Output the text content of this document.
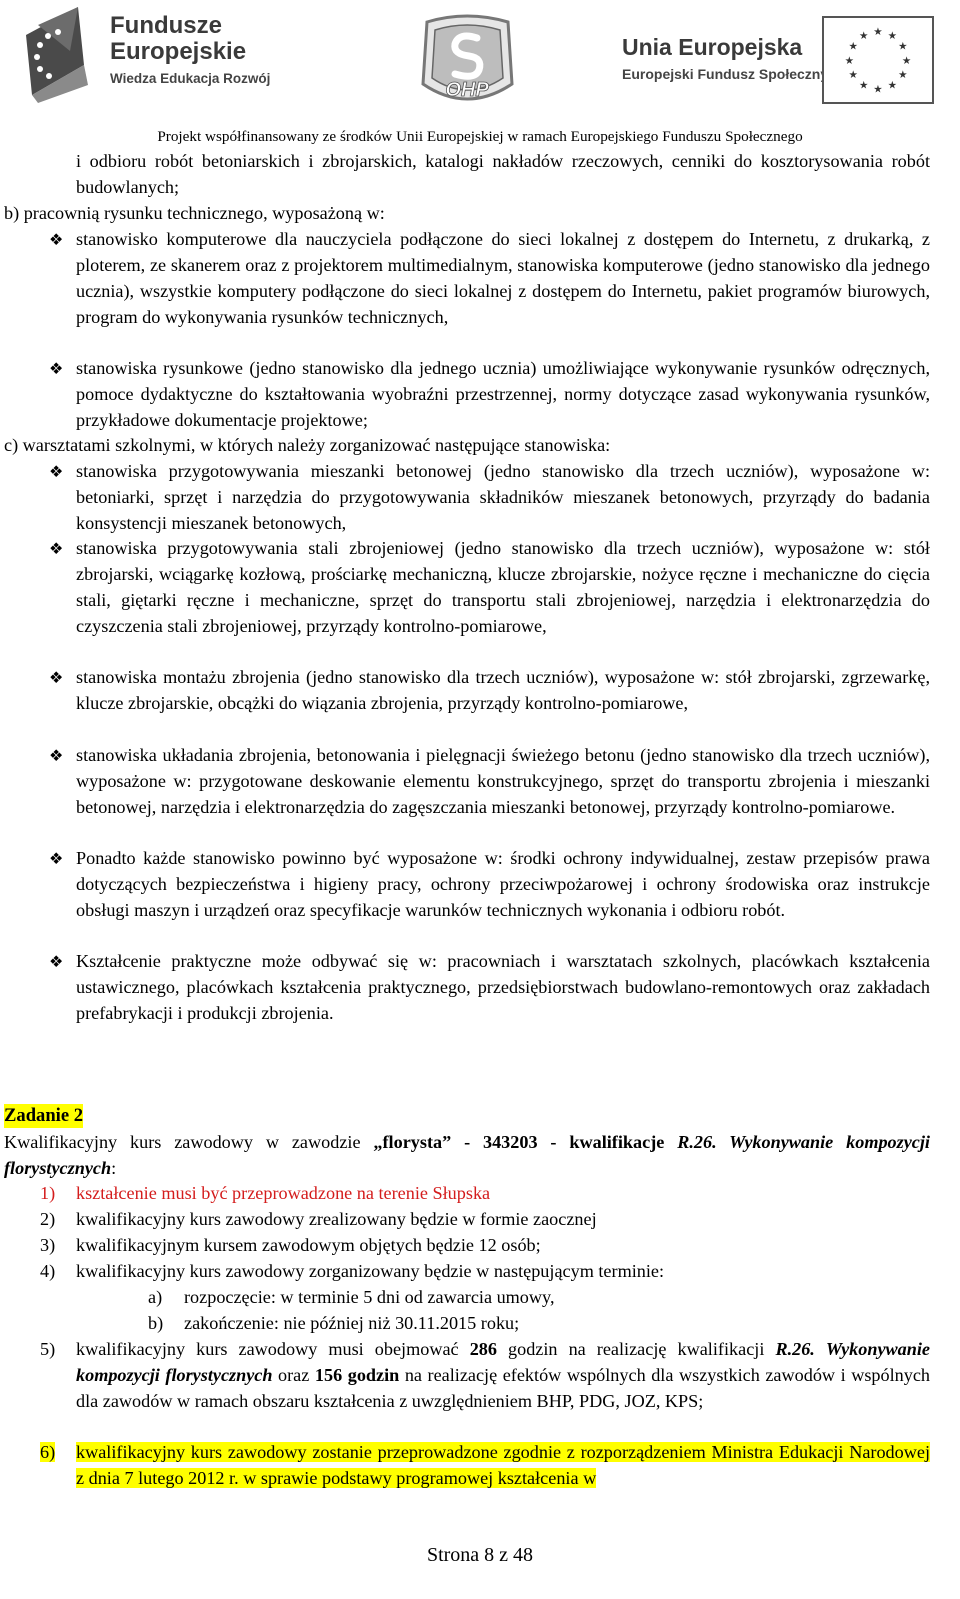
Fundusze
Europejskie
Wiedza Edukacja Rozwój
OHP
Unia Europejska
Europejski Fundusz Społeczny
★ ★
★
★
★
★
★
★
★
★
★
★
Projekt współfinansowany ze środków Unii Europejskiej w ramach Europejskiego Funduszu Społecznego
i odbioru robót betoniarskich i zbrojarskich, katalogi nakładów rzeczowych, cenniki do kosztorysowania robót budowlanych;
b) pracownią rysunku technicznego, wyposażoną w:
❖ stanowisko komputerowe dla nauczyciela podłączone do sieci lokalnej z dostępem do Internetu, z drukarką, z ploterem, ze skanerem oraz z projektorem multimedialnym, stanowiska komputerowe (jedno stanowisko dla jednego ucznia), wszystkie komputery podłączone do sieci lokalnej z dostępem do Internetu, pakiet programów biurowych, program do wykonywania rysunków technicznych,
❖ stanowiska rysunkowe (jedno stanowisko dla jednego ucznia) umożliwiające wykonywanie rysunków odręcznych, pomoce dydaktyczne do kształtowania wyobraźni przestrzennej, normy dotyczące zasad wykonywania rysunków, przykładowe dokumentacje projektowe;
c) warsztatami szkolnymi, w których należy zorganizować następujące stanowiska:
❖ stanowiska przygotowywania mieszanki betonowej (jedno stanowisko dla trzech uczniów), wyposażone w: betoniarki, sprzęt i narzędzia do przygotowywania składników mieszanek betonowych, przyrządy do badania konsystencji mieszanek betonowych,
❖ stanowiska przygotowywania stali zbrojeniowej (jedno stanowisko dla trzech uczniów), wyposażone w: stół zbrojarski, wciągarkę kozłową, prościarkę mechaniczną, klucze zbrojarskie, nożyce ręczne i mechaniczne do cięcia stali, giętarki ręczne i mechaniczne, sprzęt do transportu stali zbrojeniowej, narzędzia i elektronarzędzia do czyszczenia stali zbrojeniowej, przyrządy kontrolno-pomiarowe,
❖ stanowiska montażu zbrojenia (jedno stanowisko dla trzech uczniów), wyposażone w: stół zbrojarski, zgrzewarkę, klucze zbrojarskie, obcążki do wiązania zbrojenia, przyrządy kontrolno-pomiarowe,
❖ stanowiska układania zbrojenia, betonowania i pielęgnacji świeżego betonu (jedno stanowisko dla trzech uczniów), wyposażone w: przygotowane deskowanie elementu konstrukcyjnego, sprzęt do transportu zbrojenia i mieszanki betonowej, narzędzia i elektronarzędzia do zagęszczania mieszanki betonowej, przyrządy kontrolno-pomiarowe.
❖ Ponadto każde stanowisko powinno być wyposażone w: środki ochrony indywidualnej, zestaw przepisów prawa dotyczących bezpieczeństwa i higieny pracy, ochrony przeciwpożarowej i ochrony środowiska oraz instrukcje obsługi maszyn i urządzeń oraz specyfikacje warunków technicznych wykonania i odbioru robót.
❖ Kształcenie praktyczne może odbywać się w: pracowniach i warsztatach szkolnych, placówkach kształcenia ustawicznego, placówkach kształcenia praktycznego, przedsiębiorstwach budowlano-remontowych oraz zakładach prefabrykacji i produkcji zbrojenia.
Zadanie 2
Kwalifikacyjny kurs zawodowy w zawodzie „florysta” - 343203 - kwalifikacje R.26. Wykonywanie kompozycji florystycznych:
1)	kształcenie musi być przeprowadzone na terenie Słupska
2)	kwalifikacyjny kurs zawodowy zrealizowany będzie w formie zaocznej
3)	kwalifikacyjnym kursem zawodowym objętych będzie 12 osób;
4)	kwalifikacyjny kurs zawodowy zorganizowany będzie w następującym terminie:
a)	rozpoczęcie: w terminie 5 dni od zawarcia umowy,
b)	zakończenie: nie później niż 30.11.2015 roku;
5)	kwalifikacyjny kurs zawodowy musi obejmować 286 godzin na realizację kwalifikacji R.26. Wykonywanie kompozycji florystycznych oraz 156 godzin na realizację efektów wspólnych dla wszystkich zawodów i wspólnych dla zawodów w ramach obszaru kształcenia z uwzględnieniem BHP, PDG, JOZ, KPS;
6)	kwalifikacyjny kurs zawodowy zostanie przeprowadzone zgodnie z rozporządzeniem Ministra Edukacji Narodowej z dnia 7 lutego 2012 r. w sprawie podstawy programowej kształcenia w
Strona 8 z 48
